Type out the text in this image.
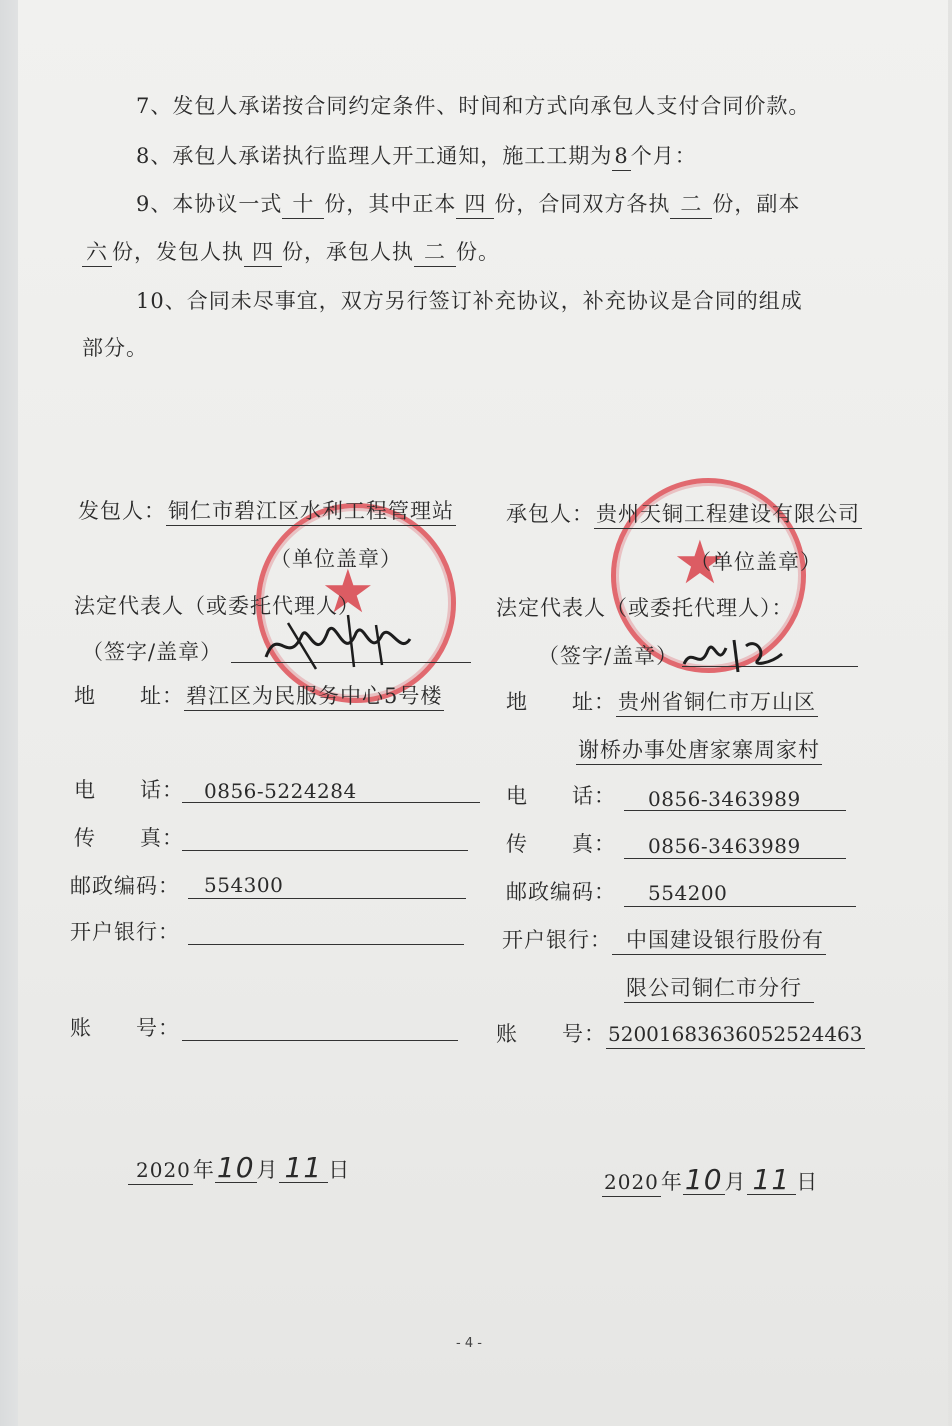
7、发包人承诺按合同约定条件、时间和方式向承包人支付合同价款。
8、承包人承诺执行监理人开工通知，施工工期为8个月：
9、本协议一式 十 份，其中正本 四 份，合同双方各执 二 份，副本
六 份，发包人执 四 份，承包人执 二 份。
10、合同未尽事宜，双方另行签订补充协议，补充协议是合同的组成
部分。
★	★
发包人：铜仁市碧江区水利工程管理站
（单位盖章）
法定代表人（或委托代理人）
（签字/盖章）
地　　址：碧江区为民服务中心5号楼
电　　话： 0856-5224284
传　　真：
邮政编码： 554300
开户银行：
账　　号：
2020年10月 11 日
承包人：贵州天铜工程建设有限公司
（单位盖章）
法定代表人（或委托代理人）：
（签字/盖章）
地　　址：贵州省铜仁市万山区
谢桥办事处唐家寨周家村
电　　话： 0856-3463989
传　　真： 0856-3463989
邮政编码： 554200
开户银行： 中国建设银行股份有
限公司铜仁市分行
账　　号： 52001683636052524463
2020年10月 11 日
- 4 -
